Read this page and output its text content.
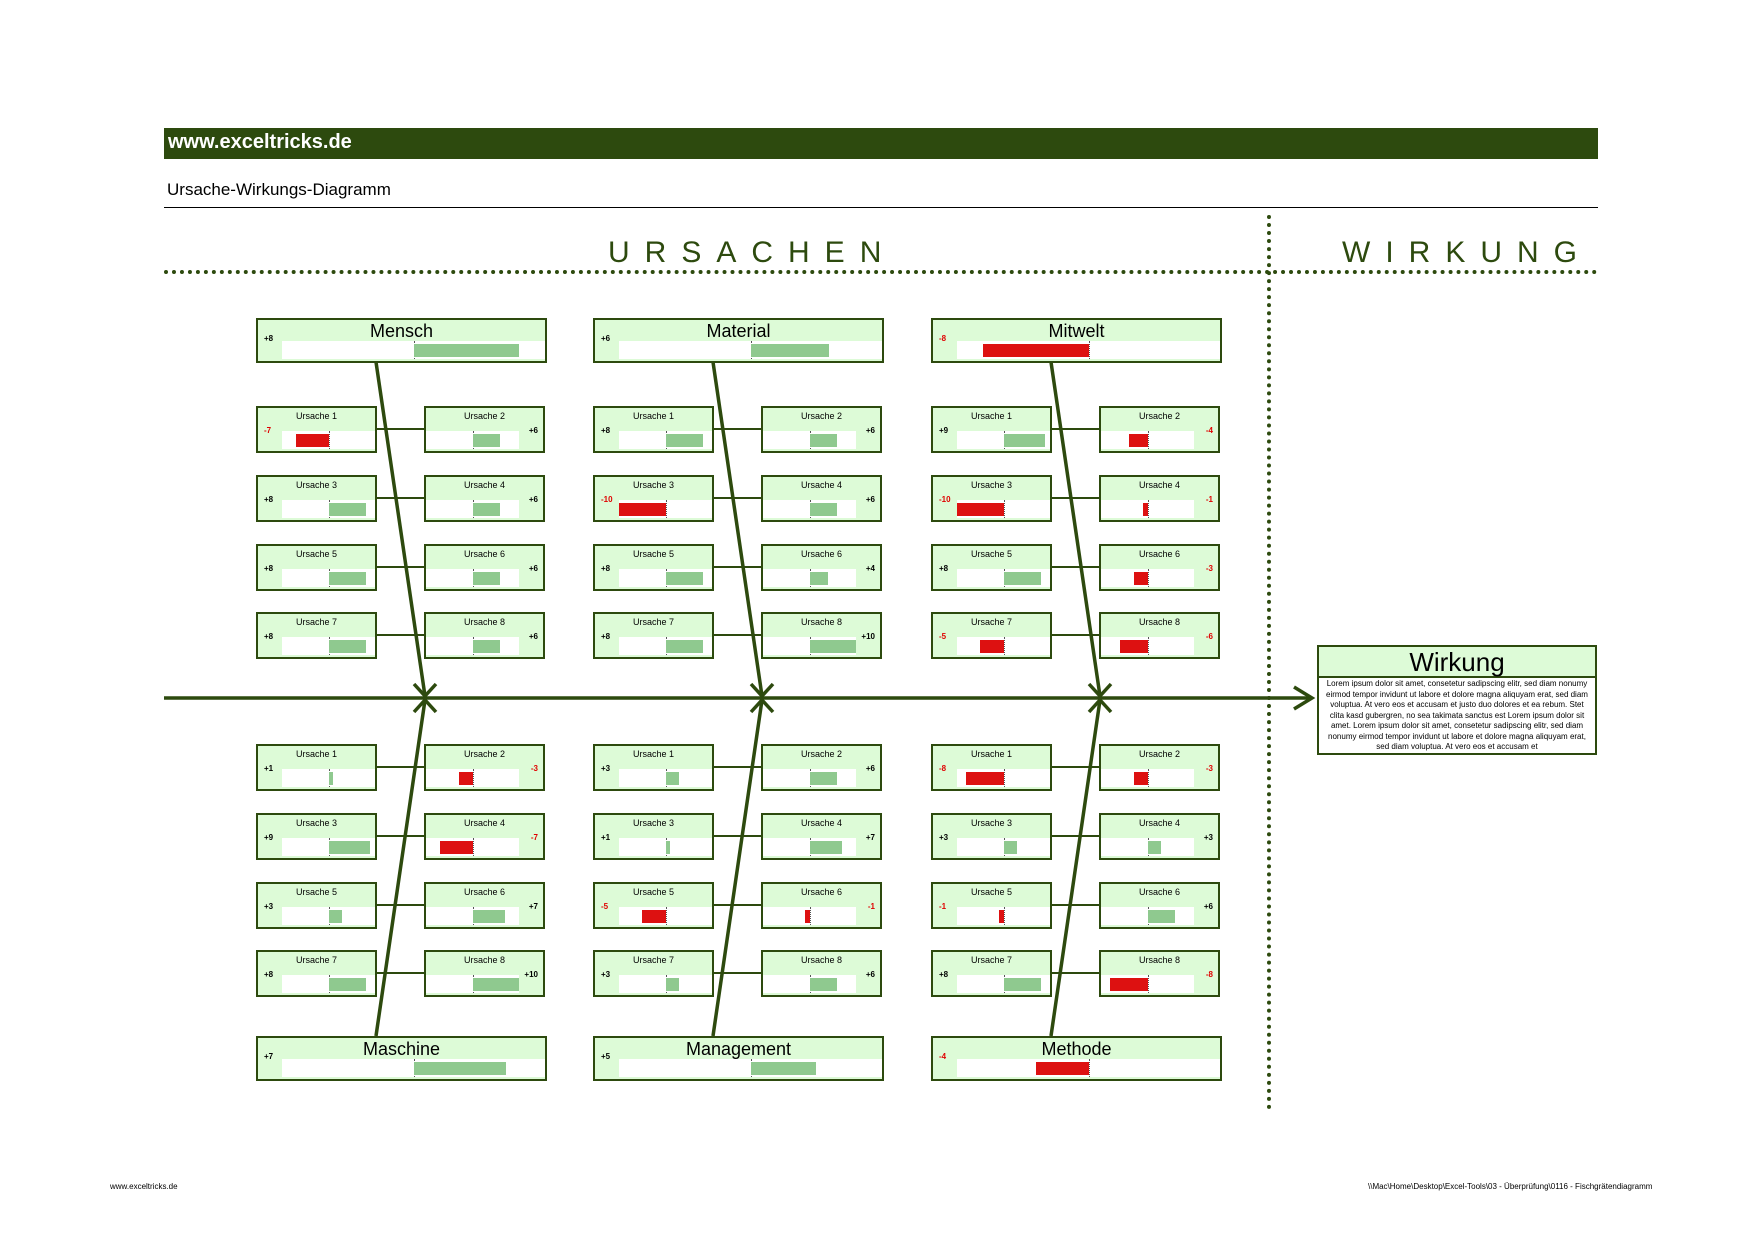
www.exceltricks.de
Ursache-Wirkungs-Diagramm
URSACHEN	WIRKUNG
Mensch
+8
Ursache 1
-7
Ursache 2
+6
Ursache 3
+8
Ursache 4
+6
Ursache 5
+8
Ursache 6
+6
Ursache 7
+8
Ursache 8
+6
Material
+6
Ursache 1
+8
Ursache 2
+6
Ursache 3
-10
Ursache 4
+6
Ursache 5
+8
Ursache 6
+4
Ursache 7
+8
Ursache 8
+10
Mitwelt
-8
Ursache 1
+9
Ursache 2
-4
Ursache 3
-10
Ursache 4
-1
Ursache 5
+8
Ursache 6
-3
Ursache 7
-5
Ursache 8
-6
Maschine
+7
Ursache 1
+1
Ursache 2
-3
Ursache 3
+9
Ursache 4
-7
Ursache 5
+3
Ursache 6
+7
Ursache 7
+8
Ursache 8
+10
Management
+5
Ursache 1
+3
Ursache 2
+6
Ursache 3
+1
Ursache 4
+7
Ursache 5
-5
Ursache 6
-1
Ursache 7
+3
Ursache 8
+6
Methode
-4
Ursache 1
-8
Ursache 2
-3
Ursache 3
+3
Ursache 4
+3
Ursache 5
-1
Ursache 6
+6
Ursache 7
+8
Ursache 8
-8
Wirkung
Lorem ipsum dolor sit amet, consetetur sadipscing elitr, sed diam nonumy eirmod tempor invidunt ut labore et dolore magna aliquyam erat, sed diam voluptua. At vero eos et accusam et justo duo dolores et ea rebum. Stet clita kasd gubergren, no sea takimata sanctus est Lorem ipsum dolor sit amet. Lorem ipsum dolor sit amet, consetetur sadipscing elitr, sed diam nonumy eirmod tempor invidunt ut labore et dolore magna aliquyam erat, sed diam voluptua. At vero eos et accusam et
www.exceltricks.de	\\Mac\Home\Desktop\Excel-Tools\03 - Überprüfung\0116 - Fischgrätendiagramm
